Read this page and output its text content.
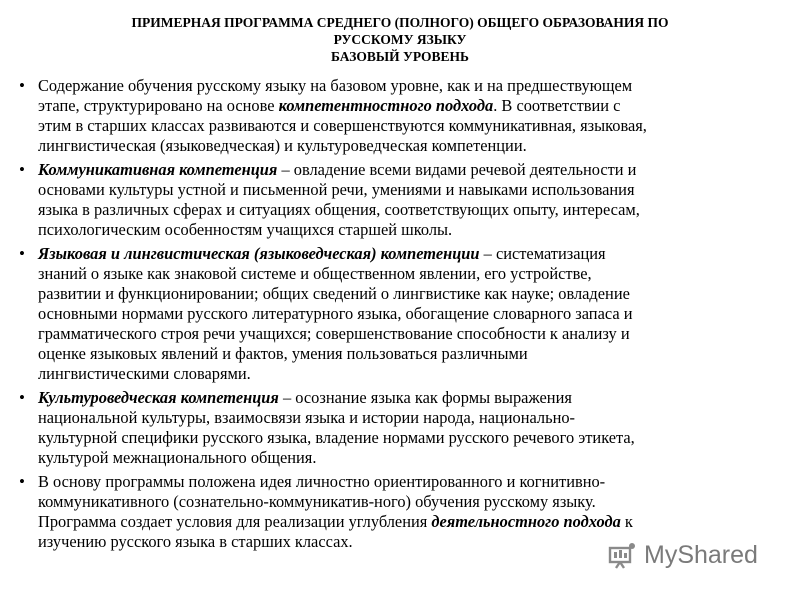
ПРИМЕРНАЯ ПРОГРАММА СРЕДНЕГО (ПОЛНОГО) ОБЩЕГО ОБРАЗОВАНИЯ ПО
РУССКОМУ ЯЗЫКУ
БАЗОВЫЙ УРОВЕНЬ
• Содержание обучения русскому языку на базовом уровне, как и на предшествующем
этапе, структурировано на основе компетентностного подхода. В соответствии с
этим в старших классах развиваются и совершенствуются коммуникативная, языковая,
лингвистическая (языковедческая) и культуроведческая компетенции.
• Коммуникативная компетенция – овладение всеми видами речевой деятельности и
основами культуры устной и письменной речи, умениями и навыками использования
языка в различных сферах и ситуациях общения, соответствующих опыту, интересам,
психологическим особенностям учащихся старшей школы.
• Языковая и лингвистическая (языковедческая) компетенции – систематизация
знаний о языке как знаковой системе и общественном явлении, его устройстве,
развитии и функционировании; общих сведений о лингвистике как науке; овладение
основными нормами русского литературного языка, обогащение словарного запаса и
грамматического строя речи учащихся; совершенствование способности к анализу и
оценке языковых явлений и фактов, умения пользоваться различными
лингвистическими словарями.
• Культуроведческая компетенция – осознание языка как формы выражения
национальной культуры, взаимосвязи языка и истории народа, национально-
культурной специфики русского языка, владение нормами русского речевого этикета,
культурой межнационального общения.
• В основу программы положена идея личностно ориентированного и когнитивно-
коммуникативного (сознательно-коммуникатив-ного) обучения русскому языку.
Программа создает условия для реализации углубления деятельностного подхода к
изучению русского языка в старших классах.	MyShared
